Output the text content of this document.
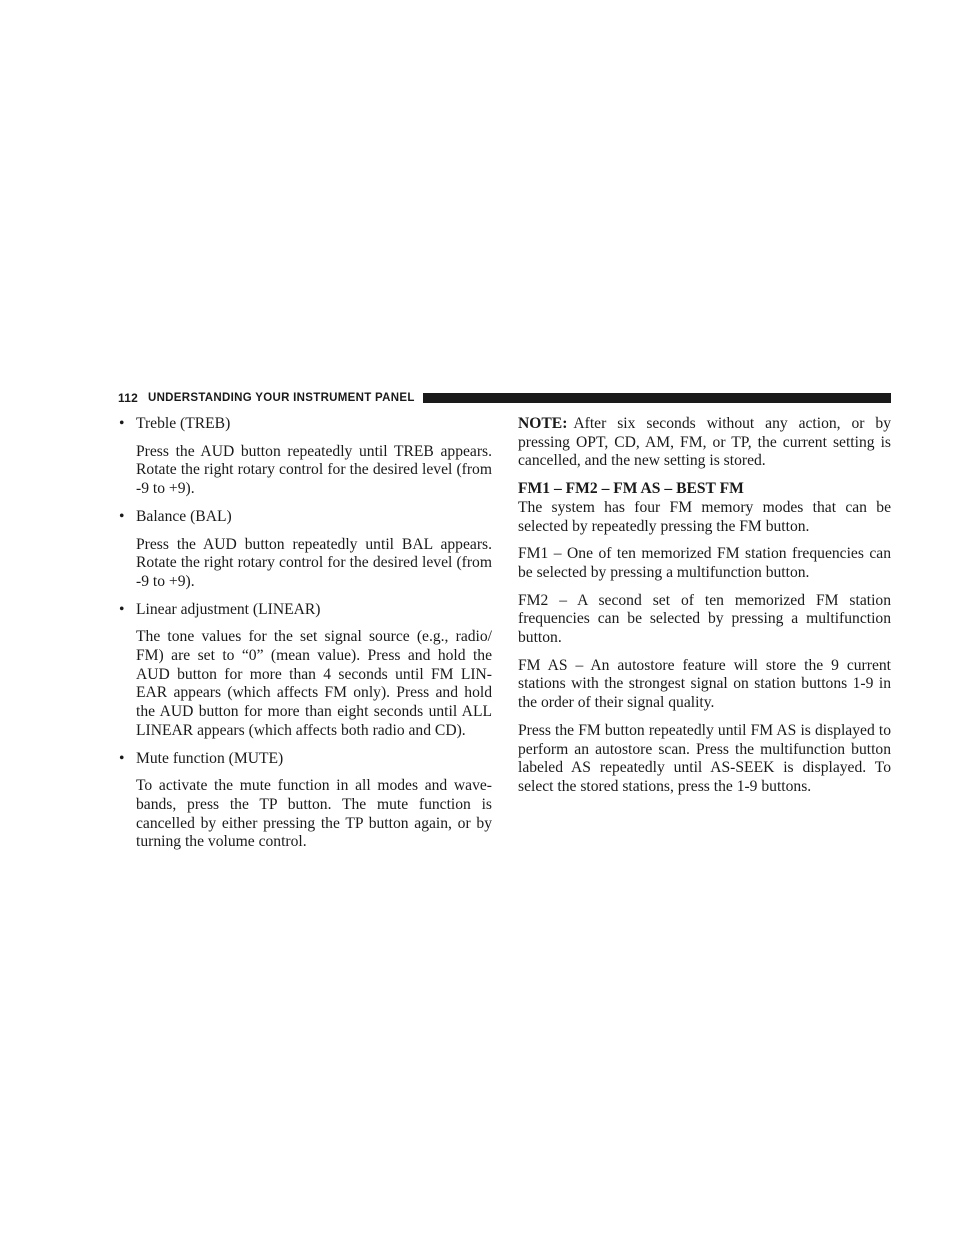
112 UNDERSTANDING YOUR INSTRUMENT PANEL
• Treble (TREB)

Press the AUD button repeatedly until TREB appears. Rotate the right rotary control for the desired level (from -9 to +9).

• Balance (BAL)

Press the AUD button repeatedly until BAL appears. Rotate the right rotary control for the desired level (from -9 to +9).

• Linear adjustment (LINEAR)

The tone values for the set signal source (e.g., radio/ FM) are set to “0” (mean value). Press and hold the AUD button for more than 4 seconds until FM LIN- EAR appears (which affects FM only). Press and hold the AUD button for more than eight seconds until ALL LINEAR appears (which affects both radio and CD).

• Mute function (MUTE)

To activate the mute function in all modes and wave- bands, press the TP button. The mute function is cancelled by either pressing the TP button again, or by turning the volume control.

NOTE: After six seconds without any action, or by pressing OPT, CD, AM, FM, or TP, the current setting is cancelled, and the new setting is stored.

FM1 – FM2 – FM AS – BEST FM

The system has four FM memory modes that can be selected by repeatedly pressing the FM button.

FM1 – One of ten memorized FM station frequencies can be selected by pressing a multifunction button.

FM2 – A second set of ten memorized FM station frequencies can be selected by pressing a multifunction button.

FM AS – An autostore feature will store the 9 current stations with the strongest signal on station buttons 1-9 in the order of their signal quality.

Press the FM button repeatedly until FM AS is displayed to perform an autostore scan. Press the multifunction button labeled AS repeatedly until AS-SEEK is displayed. To select the stored stations, press the 1-9 buttons.
